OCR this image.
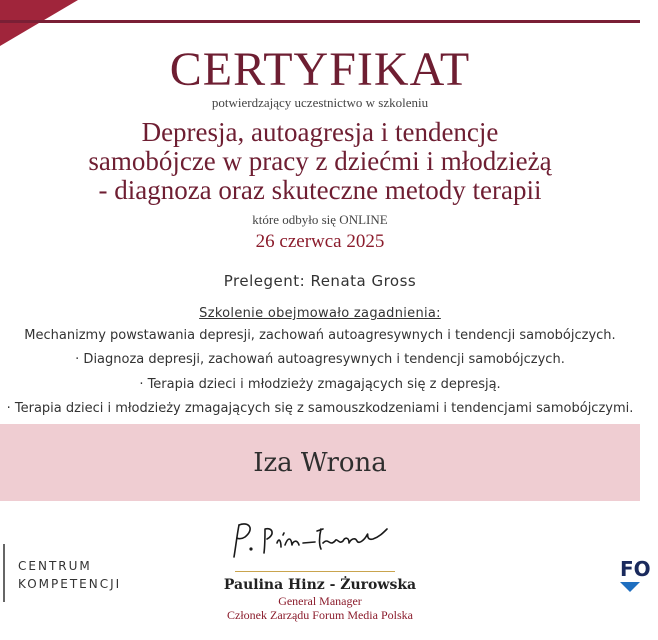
CERTYFIKAT
potwierdzający uczestnictwo w szkoleniu
Depresja, autoagresja i tendencje
samobójcze w pracy z dziećmi i młodzieżą
- diagnoza oraz skuteczne metody terapii
które odbyło się ONLINE
26 czerwca 2025
Prelegent: Renata Gross
Szkolenie obejmowało zagadnienia:
Mechanizmy powstawania depresji, zachowań autoagresywnych i tendencji samobójczych.
· Diagnoza depresji, zachowań autoagresywnych i tendencji samobójczych.
· Terapia dzieci i młodzieży zmagających się z depresją.
· Terapia dzieci i młodzieży zmagających się z samouszkodzeniami i tendencjami samobójczymi.
Iza Wrona
CENTRUM
KOMPETENCJI	Paulina Hinz - Żurowska
General Manager
Członek Zarządu Forum Media Polska
FO
